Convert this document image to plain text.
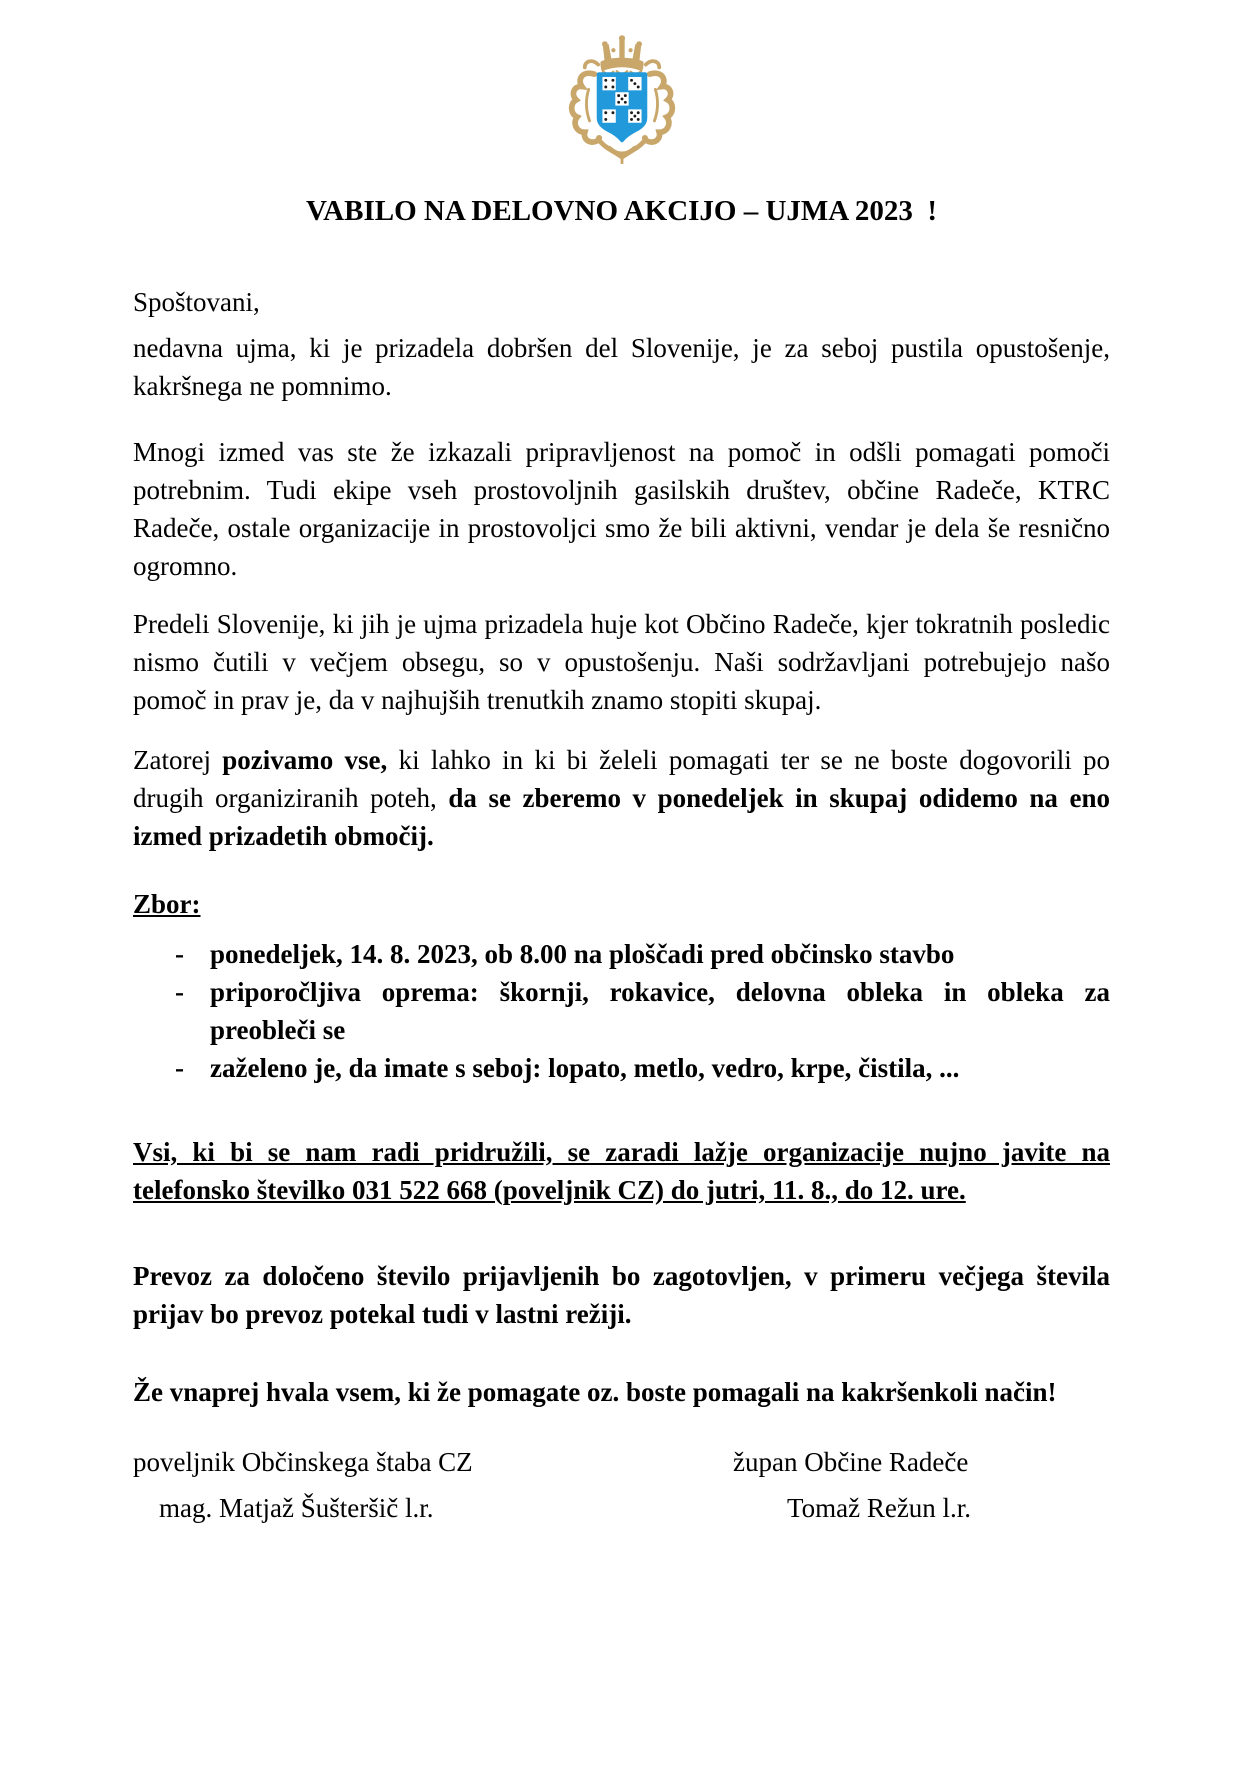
VABILO NA DELOVNO AKCIJO – UJMA 2023  !

Spoštovani,

nedavna ujma, ki je prizadela dobršen del Slovenije, je za seboj pustila opustošenje, kakršnega ne pomnimo.

Mnogi izmed vas ste že izkazali pripravljenost na pomoč in odšli pomagati pomoči potrebnim. Tudi ekipe vseh prostovoljnih gasilskih društev, občine Radeče, KTRC Radeče, ostale organizacije in prostovoljci smo že bili aktivni, vendar je dela še resnično ogromno.

Predeli Slovenije, ki jih je ujma prizadela huje kot Občino Radeče, kjer tokratnih posledic nismo čutili v večjem obsegu, so v opustošenju. Naši sodržavljani potrebujejo našo pomoč in prav je, da v najhujših trenutkih znamo stopiti skupaj.

Zatorej pozivamo vse, ki lahko in ki bi želeli pomagati ter se ne boste dogovorili po drugih organiziranih poteh, da se zberemo v ponedeljek in skupaj odidemo na eno izmed prizadetih območij.

Zbor:
- ponedeljek, 14. 8. 2023, ob 8.00 na ploščadi pred občinsko stavbo
- priporočljiva oprema: škornji, rokavice, delovna obleka in obleka za preobleči se
- zaželeno je, da imate s seboj: lopato, metlo, vedro, krpe, čistila, ...

Vsi, ki bi se nam radi pridružili, se zaradi lažje organizacije nujno javite na telefonsko številko 031 522 668 (poveljnik CZ) do jutri, 11. 8., do 12. ure.

Prevoz za določeno število prijavljenih bo zagotovljen, v primeru večjega števila prijav bo prevoz potekal tudi v lastni režiji.

Že vnaprej hvala vsem, ki že pomagate oz. boste pomagali na kakršenkoli način!

poveljnik Občinskega štaba CZ	župan Občine Radeče
mag. Matjaž Šušteršič l.r.	Tomaž Režun l.r.
